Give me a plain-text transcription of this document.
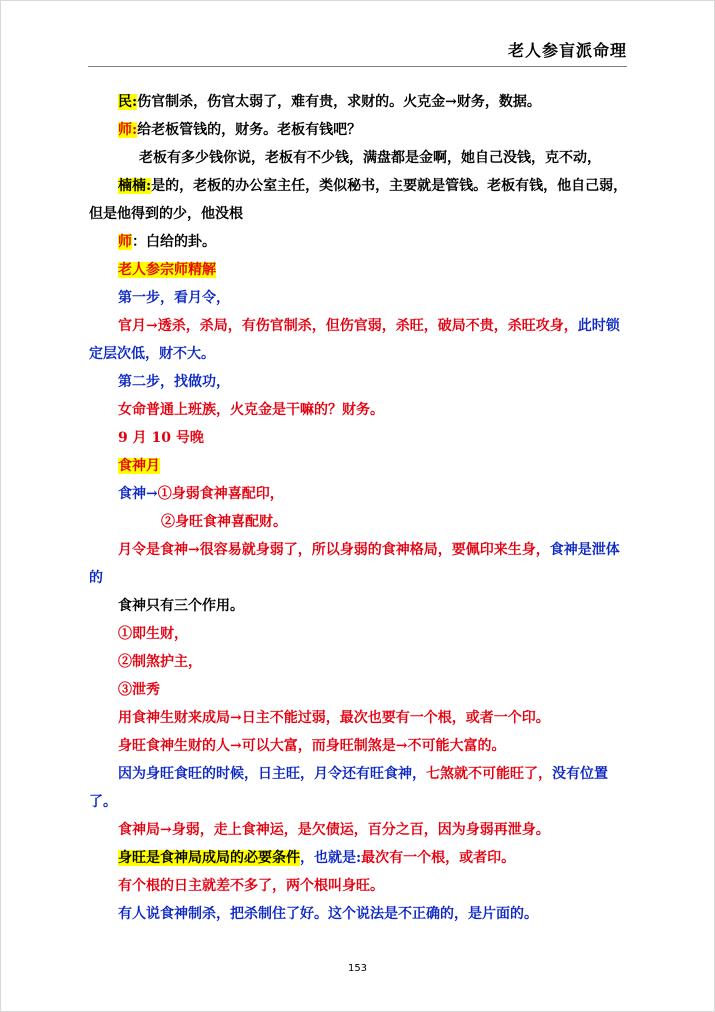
老人参盲派命理

民:伤官制杀，伤官太弱了，难有贵，求财的。火克金→财务，数据。

师:给老板管钱的，财务。老板有钱吧？

老板有多少钱你说，老板有不少钱，满盘都是金啊，她自己没钱，克不动，

楠楠:是的，老板的办公室主任，类似秘书，主要就是管钱。老板有钱，他自己弱，但是他得到的少，他没根

师：白给的卦。

老人参宗师精解

第一步，看月令，

官月→透杀，杀局，有伤官制杀，但伤官弱，杀旺，破局不贵，杀旺攻身，此时锁定层次低，财不大。

第二步，找做功，

女命普通上班族，火克金是干嘛的？财务。

9 月 10 号晚

食神月

食神→①身弱食神喜配印，

②身旺食神喜配财。

月令是食神→很容易就身弱了，所以身弱的食神格局，要佩印来生身，食神是泄体的

食神只有三个作用。

①即生财，

②制煞护主，

③泄秀

用食神生财来成局→日主不能过弱，最次也要有一个根，或者一个印。

身旺食神生财的人→可以大富，而身旺制煞是→不可能大富的。

因为身旺食旺的时候，日主旺，月令还有旺食神，七煞就不可能旺了，没有位置了。

食神局→身弱，走上食神运，是欠债运，百分之百，因为身弱再泄身。

身旺是食神局成局的必要条件，也就是:最次有一个根，或者印。

有个根的日主就差不多了，两个根叫身旺。

有人说食神制杀，把杀制住了好。这个说法是不正确的，是片面的。

153
